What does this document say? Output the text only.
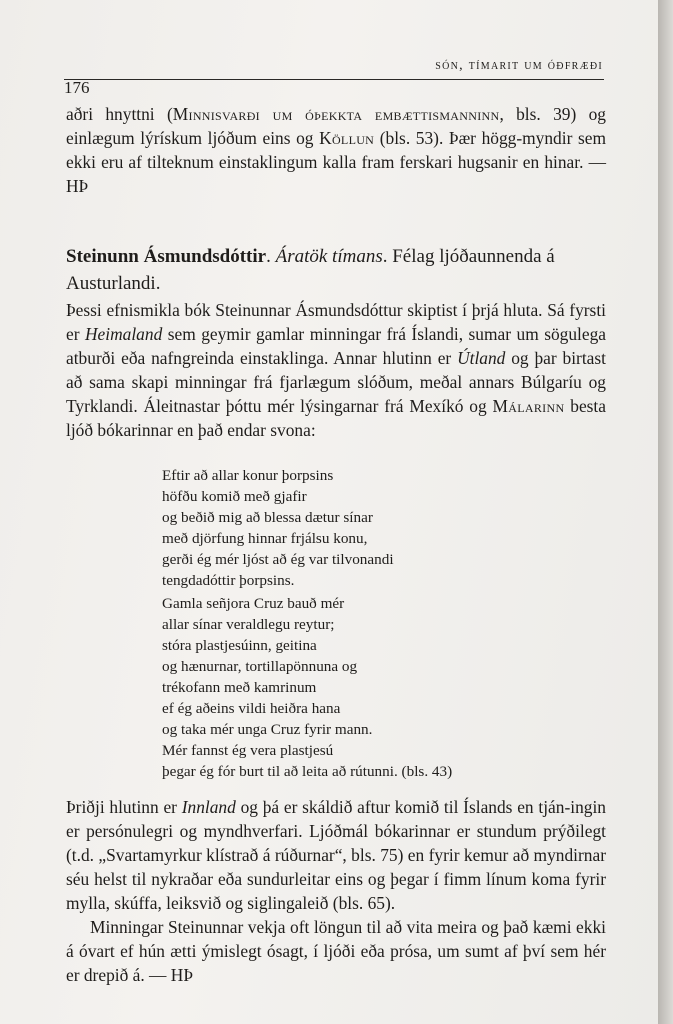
són, tímarit um óðfræði
176
aðri hnyttni (Minnisvarði um óþekkta embættismanninn, bls. 39) og einlægum lýrískum ljóðum eins og Köllun (bls. 53). Þær högg-myndir sem ekki eru af tilteknum einstaklingum kalla fram ferskari hugsanir en hinar. — HÞ
Steinunn Ásmundsdóttir. Áratök tímans. Félag ljóðaunnenda á Austurlandi.
Þessi efnismikla bók Steinunnar Ásmundsdóttur skiptist í þrjá hluta. Sá fyrsti er Heimaland sem geymir gamlar minningar frá Íslandi, sumar um sögulega atburði eða nafngreinda einstaklinga. Annar hlutinn er Útland og þar birtast að sama skapi minningar frá fjarlægum slóðum, meðal annars Búlgaríu og Tyrklandi. Áleitnastar þóttu mér lýsingarnar frá Mexíkó og Málarinn besta ljóð bókarinnar en það endar svona:
Eftir að allar konur þorpsins
höfðu komið með gjafir
og beðið mig að blessa dætur sínar
með djörfung hinnar frjálsu konu,
gerði ég mér ljóst að ég var tilvonandi
tengdadóttir þorpsins.
Gamla señjora Cruz bauð mér
allar sínar veraldlegu reytur;
stóra plastjesúinn, geitina
og hænurnar, tortillapönnuna og
trékofann með kamrinum
ef ég aðeins vildi heiðra hana
og taka mér unga Cruz fyrir mann.
Mér fannst ég vera plastjesú
þegar ég fór burt til að leita að rútunni. (bls. 43)

Þriðji hlutinn er Innland og þá er skáldið aftur komið til Íslands en tján-ingin er persónulegri og myndhverfari. Ljóðmál bókarinnar er stundum prýðilegt (t.d. „Svartamyrkur klístrað á rúðurnar“, bls. 75) en fyrir kemur að myndirnar séu helst til nykraðar eða sundurleitar eins og þegar í fimm línum koma fyrir mylla, skúffa, leiksvið og siglingaleið (bls. 65).

Minningar Steinunnar vekja oft löngun til að vita meira og það kæmi ekki á óvart ef hún ætti ýmislegt ósagt, í ljóði eða prósa, um sumt af því sem hér er drepið á. — HÞ
